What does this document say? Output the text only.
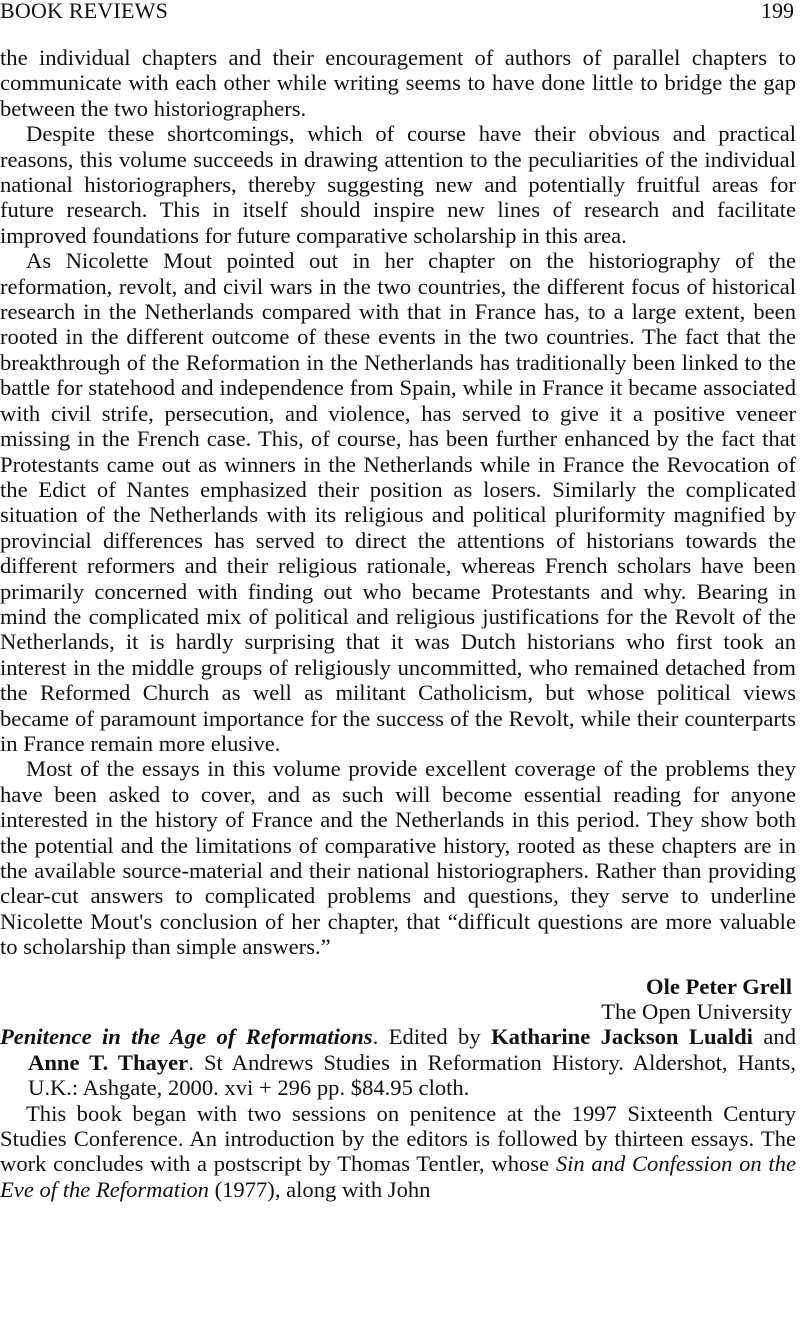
BOOK REVIEWS	199

the individual chapters and their encouragement of authors of parallel chapters to communicate with each other while writing seems to have done little to bridge the gap between the two historiographers.

Despite these shortcomings, which of course have their obvious and practical reasons, this volume succeeds in drawing attention to the peculiarities of the individual national historiographers, thereby suggesting new and potentially fruitful areas for future research. This in itself should inspire new lines of research and facilitate improved foundations for future comparative scholarship in this area.

As Nicolette Mout pointed out in her chapter on the historiography of the reformation, revolt, and civil wars in the two countries, the different focus of historical research in the Netherlands compared with that in France has, to a large extent, been rooted in the different outcome of these events in the two countries. The fact that the breakthrough of the Reformation in the Netherlands has traditionally been linked to the battle for statehood and independence from Spain, while in France it became associated with civil strife, persecution, and violence, has served to give it a positive veneer missing in the French case. This, of course, has been further enhanced by the fact that Protestants came out as winners in the Netherlands while in France the Revocation of the Edict of Nantes emphasized their position as losers. Similarly the complicated situation of the Netherlands with its religious and political pluriformity magnified by provincial differences has served to direct the attentions of historians towards the different reformers and their religious rationale, whereas French scholars have been primarily concerned with finding out who became Protestants and why. Bearing in mind the complicated mix of political and religious justifications for the Revolt of the Netherlands, it is hardly surprising that it was Dutch historians who first took an interest in the middle groups of religiously uncommitted, who remained detached from the Reformed Church as well as militant Catholicism, but whose political views became of paramount importance for the success of the Revolt, while their counterparts in France remain more elusive.

Most of the essays in this volume provide excellent coverage of the problems they have been asked to cover, and as such will become essential reading for anyone interested in the history of France and the Netherlands in this period. They show both the potential and the limitations of comparative history, rooted as these chapters are in the available source-material and their national historiographers. Rather than providing clear-cut answers to complicated problems and questions, they serve to underline Nicolette Mout's conclusion of her chapter, that “difficult questions are more valuable to scholarship than simple answers.”

Ole Peter Grell
The Open University

Penitence in the Age of Reformations. Edited by Katharine Jackson Lualdi and Anne T. Thayer. St Andrews Studies in Reformation History. Aldershot, Hants, U.K.: Ashgate, 2000. xvi + 296 pp. $84.95 cloth.

This book began with two sessions on penitence at the 1997 Sixteenth Century Studies Conference. An introduction by the editors is followed by thirteen essays. The work concludes with a postscript by Thomas Tentler, whose Sin and Confession on the Eve of the Reformation (1977), along with John
